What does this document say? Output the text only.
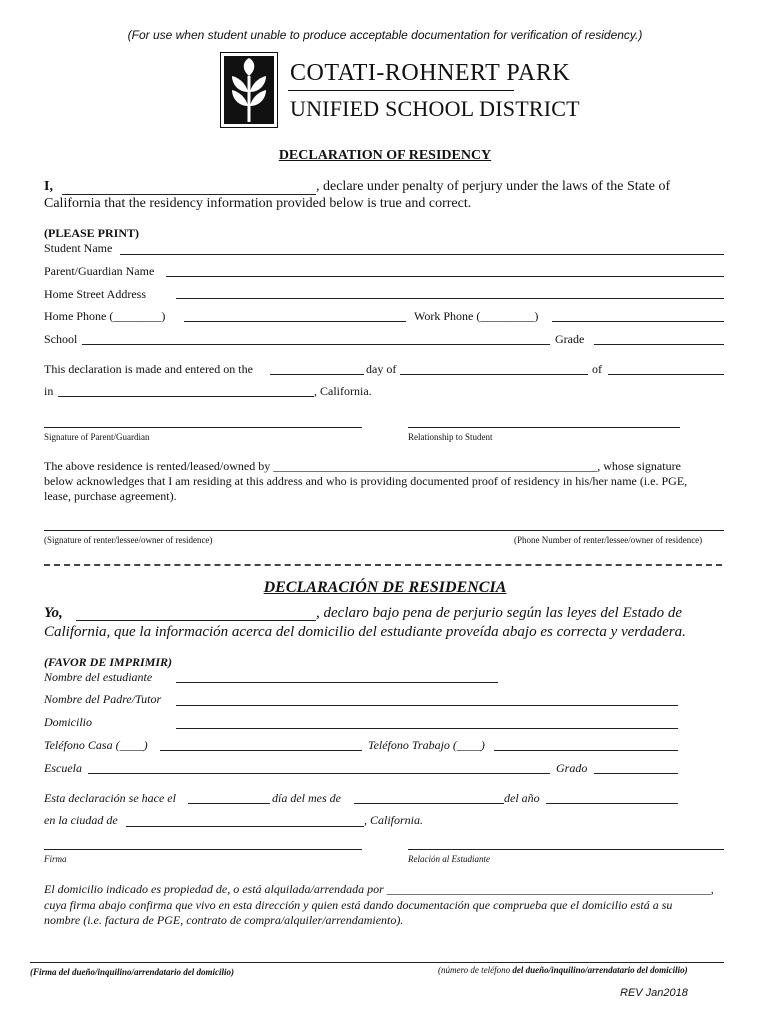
(For use when student unable to produce acceptable documentation for verification of residency.)
COTATI-ROHNERT PARK
UNIFIED SCHOOL DISTRICT
DECLARATION OF RESIDENCY
I,	, declare under penalty of perjury under the laws of the State of
California that the residency information provided below is true and correct.
(PLEASE PRINT)
Student Name
Parent/Guardian Name
Home Street Address
Home Phone (________)	Work Phone (_________)
School	Grade
This declaration is made and entered on the	day of	of
in	, California.
Signature of Parent/Guardian	Relationship to Student
The above residence is rented/leased/owned by ______________________________________________________, whose signature
below acknowledges that I am residing at this address and who is providing documented proof of residency in his/her name (i.e. PGE,
lease, purchase agreement).
(Signature of renter/lessee/owner of residence)	(Phone Number of renter/lessee/owner of residence)
DECLARACIÓN DE RESIDENCIA
Yo,	, declaro bajo pena de perjurio según las leyes del Estado de
California, que la información acerca del domicilio del estudiante proveída abajo es correcta y verdadera.
(FAVOR DE IMPRIMIR)
Nombre del estudiante
Nombre del Padre/Tutor
Domicilio
Teléfono Casa (____)	Teléfono Trabajo (____)
Escuela	Grado
Esta declaración se hace el	día del mes de	del año
en la ciudad de	, California.
Firma	Relación al Estudiante
El domicilio indicado es propiedad de, o está alquilada/arrendada por ______________________________________________________,
cuya firma abajo confirma que vivo en esta dirección y quien está dando documentación que comprueba que el domicilio está a su
nombre (i.e. factura de PGE, contrato de compra/alquiler/arrendamiento).
(Firma del dueño/inquilino/arrendatario del domicilio)	(número de teléfono del dueño/inquilino/arrendatario del domicilio)
REV Jan2018
